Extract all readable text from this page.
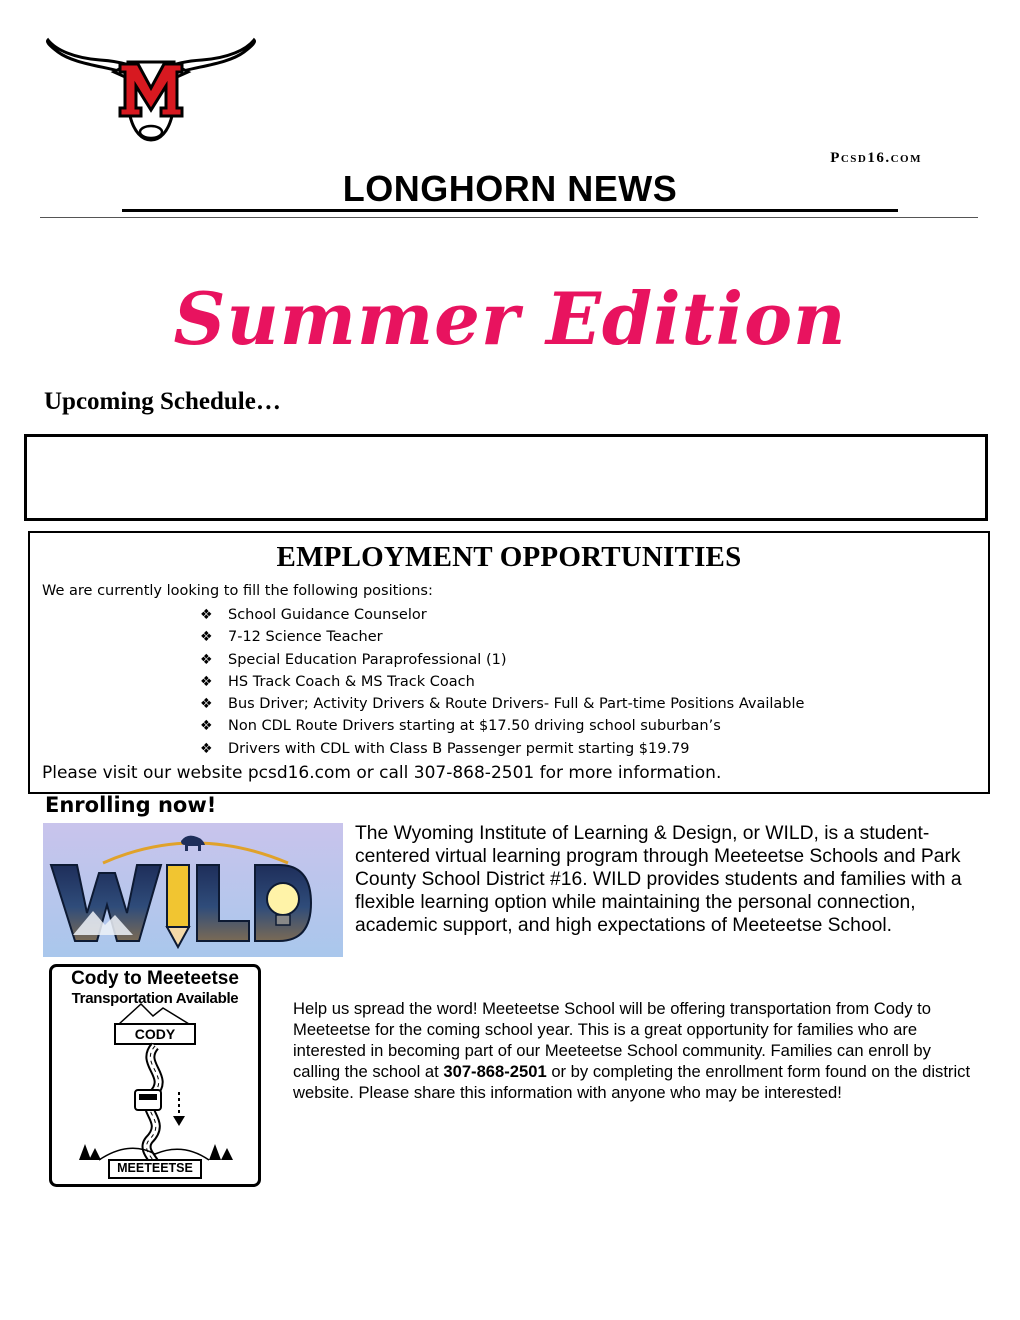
Pcsd16.com
LONGHORN NEWS
Summer Edition
Upcoming Schedule…
EMPLOYMENT OPPORTUNITIES
We are currently looking to fill the following positions:
❖ School Guidance Counselor
❖ 7-12 Science Teacher
❖ Special Education Paraprofessional (1)
❖ HS Track Coach & MS Track Coach
❖ Bus Driver; Activity Drivers & Route Drivers- Full & Part-time Positions Available
❖ Non CDL Route Drivers starting at $17.50 driving school suburban’s
❖ Drivers with CDL with Class B Passenger permit starting $19.79
Please visit our website pcsd16.com or call 307-868-2501 for more information.
Enrolling now!
The Wyoming Institute of Learning & Design, or WILD, is a student-centered virtual learning program through Meeteetse Schools and Park County School District #16. WILD provides students and families with a flexible learning option while maintaining the personal connection, academic support, and high expectations of Meeteetse School.
Cody to Meeteetse
Transportation Available
CODY
MEETEETSE
Help us spread the word! Meeteetse School will be offering transportation from Cody to Meeteetse for the coming school year. This is a great opportunity for families who are interested in becoming part of our Meeteetse School community. Families can enroll by calling the school at 307-868-2501 or by completing the enrollment form found on the district website. Please share this information with anyone who may be interested!
